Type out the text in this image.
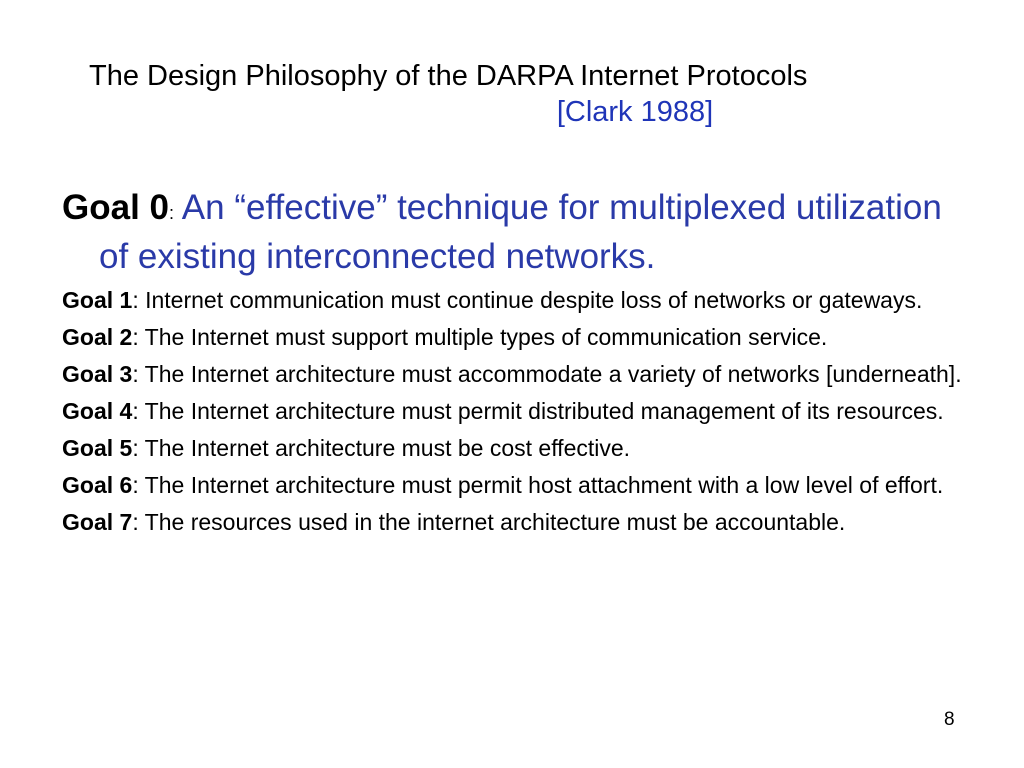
The Design Philosophy of the DARPA Internet Protocols
[Clark 1988]
Goal 0: An “effective” technique for multiplexed utilization of existing interconnected networks.
Goal 1: Internet communication must continue despite loss of networks or gateways.
Goal 2: The Internet must support multiple types of communication service.
Goal 3: The Internet architecture must accommodate a variety of networks [underneath].
Goal 4: The Internet architecture must permit distributed management of its resources.
Goal 5: The Internet architecture must be cost effective.
Goal 6: The Internet architecture must permit host attachment with a low level of effort.
Goal 7: The resources used in the internet architecture must be accountable.
8
